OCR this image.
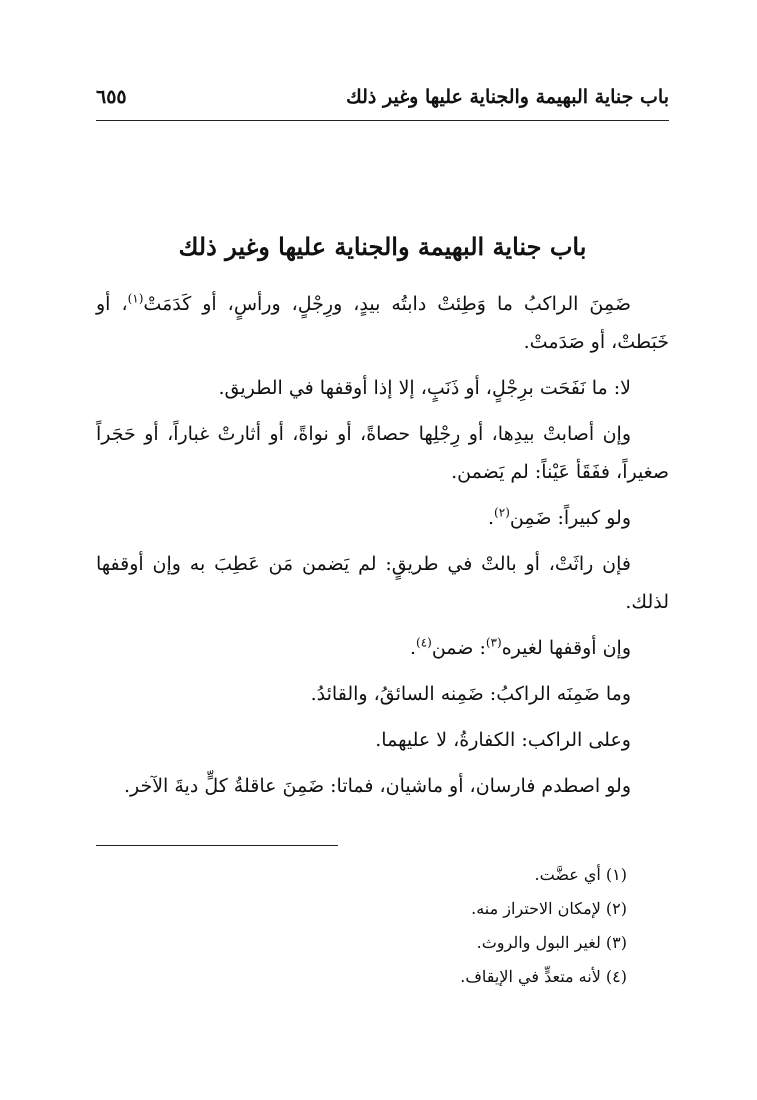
باب جناية البهيمة والجناية عليها وغير ذلك
٦٥٥
باب جناية البهيمة والجناية عليها وغير ذلك

ضَمِنَ الراكبُ ما وَطِئتْ دابتُه بيدٍ، ورِجْلٍ، ورأسٍ، أو كَدَمَتْ$^{(١)}$، أو خَبَطتْ، أو صَدَمتْ.

لا: ما نَفَحَت برِجْلٍ، أو ذَنَبٍ، إلا إذا أوقفها في الطريق.

وإن أصابتْ بيدِها، أو رِجْلِها حصاةً، أو نواةً، أو أثارتْ غباراً، أو حَجَراً صغيراً، ففَقَأ عَيْناً: لم يَضمن.

ولو كبيراً: ضَمِن$^{(٢)}$.

فإن راثَتْ، أو بالتْ في طريقٍ: لم يَضمن مَن عَطِبَ به وإن أوقفها لذلك.

وإن أوقفها لغيره$^{(٣)}$: ضمن$^{(٤)}$.

وما ضَمِنَه الراكبُ: ضَمِنه السائقُ، والقائدُ.

وعلى الراكب: الكفارةُ، لا عليهما.

ولو اصطدم فارسان، أو ماشيان، فماتا: ضَمِنَ عاقلةُ كلٍّ ديةَ الآخر.

(١) أي عضَّت.

(٢) لإمكان الاحتراز منه.

(٣) لغير البول والروث.

(٤) لأنه متعدٍّ في الإيقاف.
